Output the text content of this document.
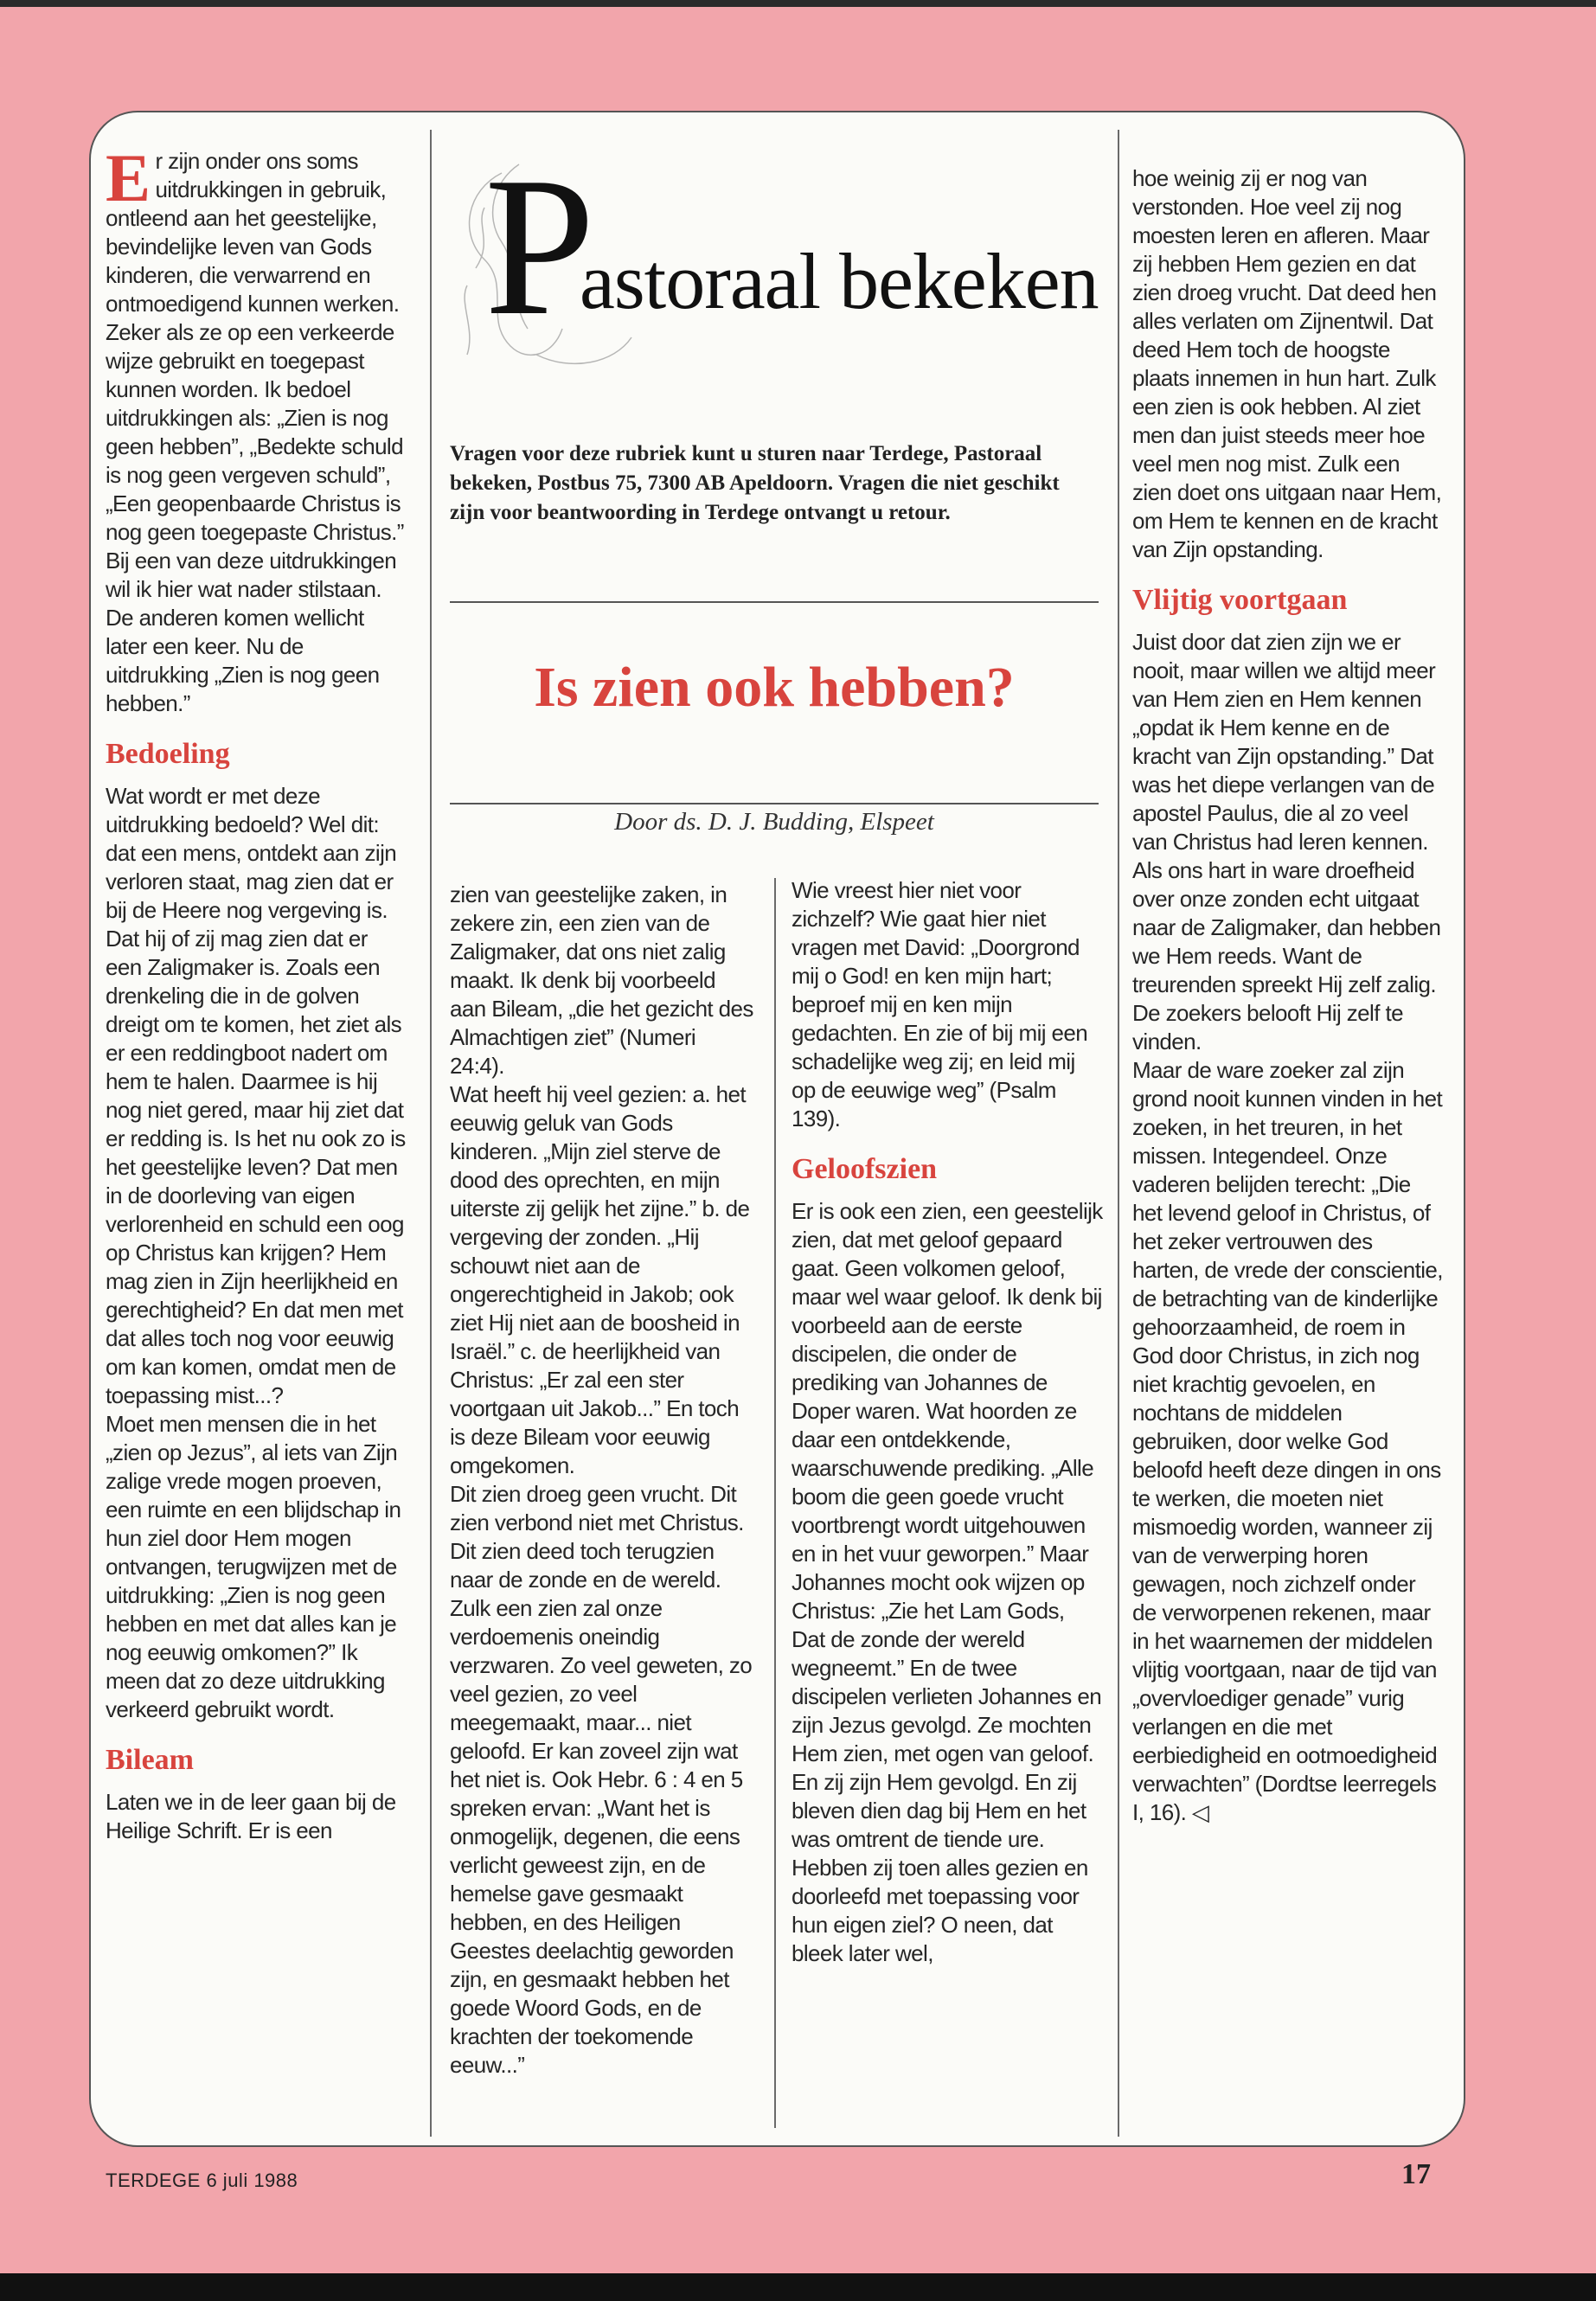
Er zijn onder ons soms uitdrukkingen in gebruik, ontleend aan het geestelijke, bevindelijke leven van Gods kinderen, die verwarrend en ontmoedigend kunnen werken. Zeker als ze op een verkeerde wijze gebruikt en toegepast kunnen worden. Ik bedoel uitdrukkingen als: „Zien is nog geen hebben”, „Bedekte schuld is nog geen vergeven schuld”, „Een geopenbaarde Christus is nog geen toegepaste Christus.” Bij een van deze uitdrukkingen wil ik hier wat nader stilstaan. De anderen komen wellicht later een keer. Nu de uitdrukking „Zien is nog geen hebben.”

Bedoeling

Wat wordt er met deze uitdrukking bedoeld? Wel dit: dat een mens, ontdekt aan zijn verloren staat, mag zien dat er bij de Heere nog vergeving is. Dat hij of zij mag zien dat er een Zaligmaker is. Zoals een drenkeling die in de golven dreigt om te komen, het ziet als er een reddingboot nadert om hem te halen. Daarmee is hij nog niet gered, maar hij ziet dat er redding is. Is het nu ook zo is het geestelijke leven? Dat men in de doorleving van eigen verlorenheid en schuld een oog op Christus kan krijgen? Hem mag zien in Zijn heerlijkheid en gerechtigheid? En dat men met dat alles toch nog voor eeuwig om kan komen, omdat men de toepassing mist...?

Moet men mensen die in het „zien op Jezus”, al iets van Zijn zalige vrede mogen proeven, een ruimte en een blijdschap in hun ziel door Hem mogen ontvangen, terugwijzen met de uitdrukking: „Zien is nog geen hebben en met dat alles kan je nog eeuwig omkomen?” Ik meen dat zo deze uitdrukking verkeerd gebruikt wordt.

Bileam

Laten we in de leer gaan bij de Heilige Schrift. Er is een

P
astoraal bekeken
Vragen voor deze rubriek kunt u sturen naar Terdege, Pastoraal bekeken, Postbus 75, 7300 AB Apeldoorn. Vragen die niet geschikt zijn voor beantwoording in Terdege ontvangt u retour.
Is zien ook hebben?
Door ds. D. J. Budding, Elspeet

zien van geestelijke zaken, in zekere zin, een zien van de Zaligmaker, dat ons niet zalig maakt. Ik denk bij voorbeeld aan Bileam, „die het gezicht des Almachtigen ziet” (Numeri 24:4).

Wat heeft hij veel gezien: a. het eeuwig geluk van Gods kinderen. „Mijn ziel sterve de dood des oprechten, en mijn uiterste zij gelijk het zijne.” b. de vergeving der zonden. „Hij schouwt niet aan de ongerechtigheid in Jakob; ook ziet Hij niet aan de boosheid in Israël.” c. de heerlijkheid van Christus: „Er zal een ster voortgaan uit Jakob...” En toch is deze Bileam voor eeuwig omgekomen.

Dit zien droeg geen vrucht. Dit zien verbond niet met Christus. Dit zien deed toch terugzien naar de zonde en de wereld. Zulk een zien zal onze verdoemenis oneindig verzwaren. Zo veel geweten, zo veel gezien, zo veel meegemaakt, maar... niet geloofd. Er kan zoveel zijn wat het niet is. Ook Hebr. 6 : 4 en 5 spreken ervan: „Want het is onmogelijk, degenen, die eens verlicht geweest zijn, en de hemelse gave gesmaakt hebben, en des Heiligen Geestes deelachtig geworden zijn, en gesmaakt hebben het goede Woord Gods, en de krachten der toekomende eeuw...”

Wie vreest hier niet voor zichzelf? Wie gaat hier niet vragen met David: „Doorgrond mij o God! en ken mijn hart; beproef mij en ken mijn gedachten. En zie of bij mij een schadelijke weg zij; en leid mij op de eeuwige weg” (Psalm 139).

Geloofszien

Er is ook een zien, een geestelijk zien, dat met geloof gepaard gaat. Geen volkomen geloof, maar wel waar geloof. Ik denk bij voorbeeld aan de eerste discipelen, die onder de prediking van Johannes de Doper waren. Wat hoorden ze daar een ontdekkende, waarschuwende prediking. „Alle boom die geen goede vrucht voortbrengt wordt uitgehouwen en in het vuur geworpen.” Maar Johannes mocht ook wijzen op Christus: „Zie het Lam Gods, Dat de zonde der wereld wegneemt.” En de twee discipelen verlieten Johannes en zijn Jezus gevolgd. Ze mochten Hem zien, met ogen van geloof. En zij zijn Hem gevolgd. En zij bleven dien dag bij Hem en het was omtrent de tiende ure.

Hebben zij toen alles gezien en doorleefd met toepassing voor hun eigen ziel? O neen, dat bleek later wel,

hoe weinig zij er nog van verstonden. Hoe veel zij nog moesten leren en afleren. Maar zij hebben Hem gezien en dat zien droeg vrucht. Dat deed hen alles verlaten om Zijnentwil. Dat deed Hem toch de hoogste plaats innemen in hun hart. Zulk een zien is ook hebben. Al ziet men dan juist steeds meer hoe veel men nog mist. Zulk een zien doet ons uitgaan naar Hem, om Hem te kennen en de kracht van Zijn opstanding.

Vlijtig voortgaan

Juist door dat zien zijn we er nooit, maar willen we altijd meer van Hem zien en Hem kennen „opdat ik Hem kenne en de kracht van Zijn opstanding.” Dat was het diepe verlangen van de apostel Paulus, die al zo veel van Christus had leren kennen. Als ons hart in ware droefheid over onze zonden echt uitgaat naar de Zaligmaker, dan hebben we Hem reeds. Want de treurenden spreekt Hij zelf zalig. De zoekers belooft Hij zelf te vinden.

Maar de ware zoeker zal zijn grond nooit kunnen vinden in het zoeken, in het treuren, in het missen. Integendeel. Onze vaderen belijden terecht: „Die het levend geloof in Christus, of het zeker vertrouwen des harten, de vrede der conscientie, de betrachting van de kinderlijke gehoorzaamheid, de roem in God door Christus, in zich nog niet krachtig gevoelen, en nochtans de middelen gebruiken, door welke God beloofd heeft deze dingen in ons te werken, die moeten niet mismoedig worden, wanneer zij van de verwerping horen gewagen, noch zichzelf onder de verworpenen rekenen, maar in het waarnemen der middelen vlijtig voortgaan, naar de tijd van „overvloediger genade” vurig verlangen en die met eerbiedigheid en ootmoedigheid verwachten” (Dordtse leerregels I, 16). ◁

TERDEGE 6 juli 1988	17
